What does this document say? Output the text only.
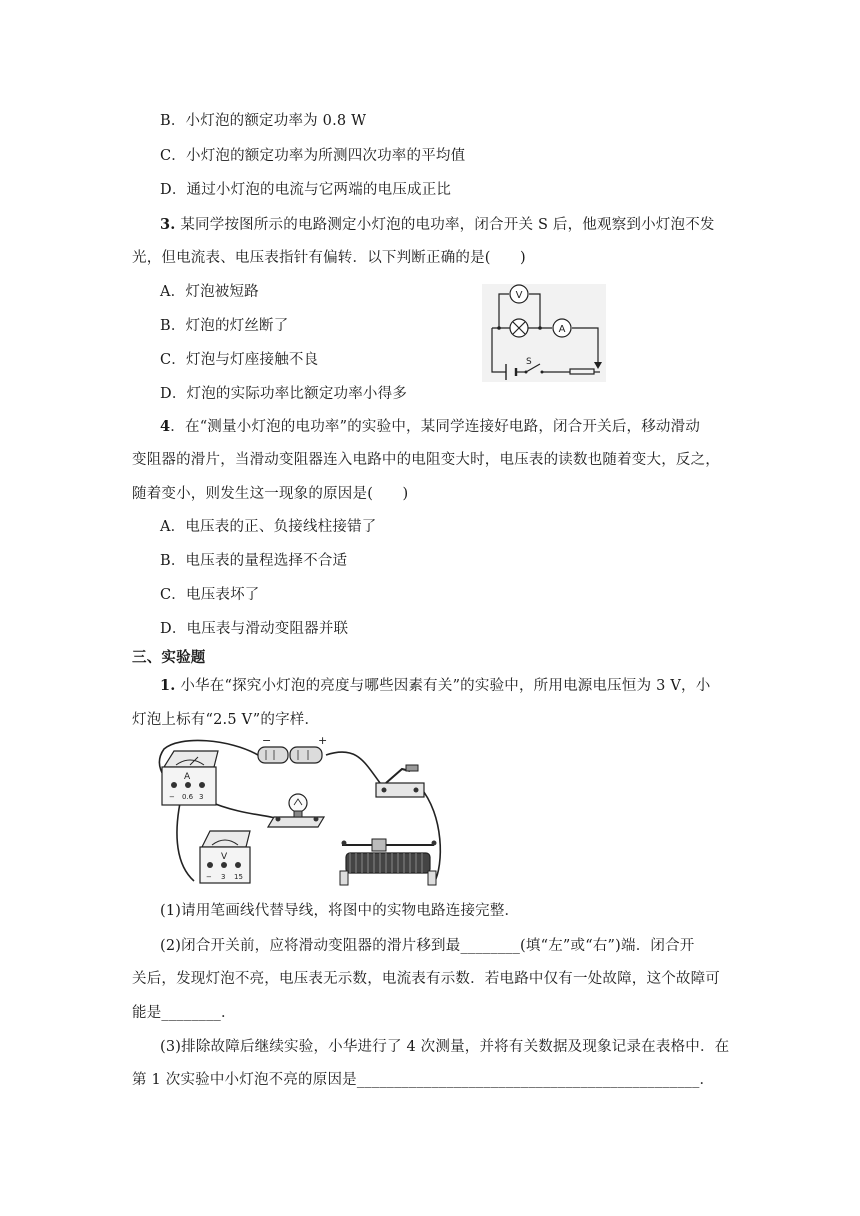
B．小灯泡的额定功率为 0.8 W
C．小灯泡的额定功率为所测四次功率的平均值
D．通过小灯泡的电流与它两端的电压成正比
3. 某同学按图所示的电路测定小灯泡的电功率，闭合开关 S 后，他观察到小灯泡不发
光，但电流表、电压表指针有偏转．以下判断正确的是(　　)
A．灯泡被短路
B．灯泡的灯丝断了
C．灯泡与灯座接触不良
D．灯泡的实际功率比额定功率小得多
V
A
S
4．在“测量小灯泡的电功率”的实验中，某同学连接好电路，闭合开关后，移动滑动
变阻器的滑片，当滑动变阻器连入电路中的电阻变大时，电压表的读数也随着变大，反之，
随着变小，则发生这一现象的原因是(　　)
A．电压表的正、负接线柱接错了
B．电压表的量程选择不合适
C．电压表坏了
D．电压表与滑动变阻器并联
三、实验题
1. 小华在“探究小灯泡的亮度与哪些因素有关”的实验中，所用电源电压恒为 3 V，小
灯泡上标有“2.5 V”的字样．
−	+
A
− 0.6 3
V
− 3 15
(1)请用笔画线代替导线，将图中的实物电路连接完整．
(2)闭合开关前，应将滑动变阻器的滑片移到最________(填“左”或“右”)端．闭合开
关后，发现灯泡不亮，电压表无示数，电流表有示数．若电路中仅有一处故障，这个故障可
能是________．
(3)排除故障后继续实验，小华进行了 4 次测量，并将有关数据及现象记录在表格中．在
第 1 次实验中小灯泡不亮的原因是______________________________________________．
